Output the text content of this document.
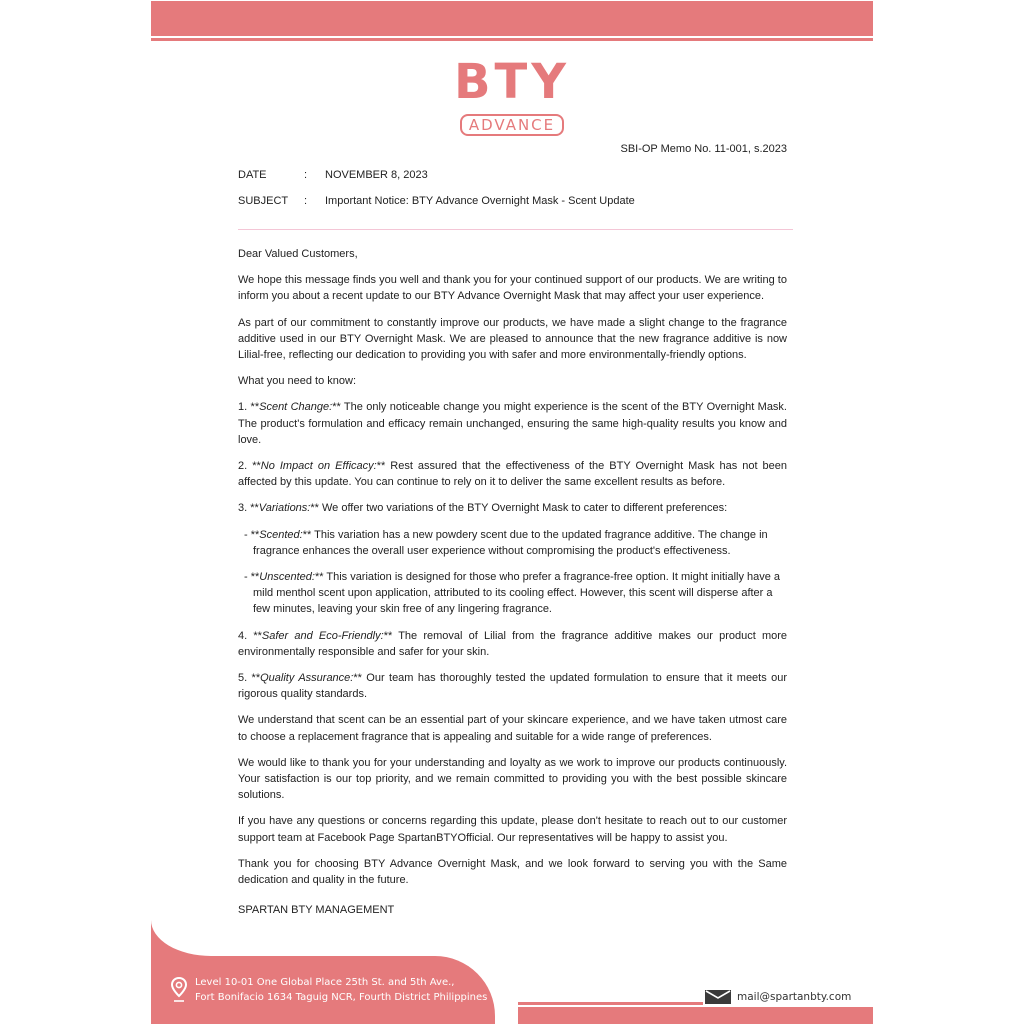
BTY
ADVANCE
SBI-OP Memo No. 11-001, s.2023
DATE	: NOVEMBER 8, 2023
SUBJECT : Important Notice: BTY Advance Overnight Mask - Scent Update

Dear Valued Customers,

We hope this message finds you well and thank you for your continued support of our products. We are writing to inform you about a recent update to our BTY Advance Overnight Mask that may affect your user experience.

As part of our commitment to constantly improve our products, we have made a slight change to the fragrance additive used in our BTY Overnight Mask. We are pleased to announce that the new fragrance additive is now Lilial-free, reflecting our dedication to providing you with safer and more environmentally-friendly options.

What you need to know:

1. **Scent Change:** The only noticeable change you might experience is the scent of the BTY Overnight Mask. The product's formulation and efficacy remain unchanged, ensuring the same high-quality results you know and love.

2. **No Impact on Efficacy:** Rest assured that the effectiveness of the BTY Overnight Mask has not been affected by this update. You can continue to rely on it to deliver the same excellent results as before.

3. **Variations:** We offer two variations of the BTY Overnight Mask to cater to different preferences:

- **Scented:** This variation has a new powdery scent due to the updated fragrance additive. The change in fragrance enhances the overall user experience without compromising the product's effectiveness.

- **Unscented:** This variation is designed for those who prefer a fragrance-free option. It might initially have a mild menthol scent upon application, attributed to its cooling effect. However, this scent will disperse after a few minutes, leaving your skin free of any lingering fragrance.

4. **Safer and Eco-Friendly:** The removal of Lilial from the fragrance additive makes our product more environmentally responsible and safer for your skin.

5. **Quality Assurance:** Our team has thoroughly tested the updated formulation to ensure that it meets our rigorous quality standards.

We understand that scent can be an essential part of your skincare experience, and we have taken utmost care to choose a replacement fragrance that is appealing and suitable for a wide range of preferences.

We would like to thank you for your understanding and loyalty as we work to improve our products continuously. Your satisfaction is our top priority, and we remain committed to providing you with the best possible skincare solutions.

If you have any questions or concerns regarding this update, please don't hesitate to reach out to our customer support team at Facebook Page SpartanBTYOfficial. Our representatives will be happy to assist you.

Thank you for choosing BTY Advance Overnight Mask, and we look forward to serving you with the Same dedication and quality in the future.

SPARTAN BTY MANAGEMENT
Level 10-01 One Global Place 25th St. and 5th Ave.,
Fort Bonifacio 1634 Taguig NCR, Fourth District Philippines	mail@spartanbty.com
